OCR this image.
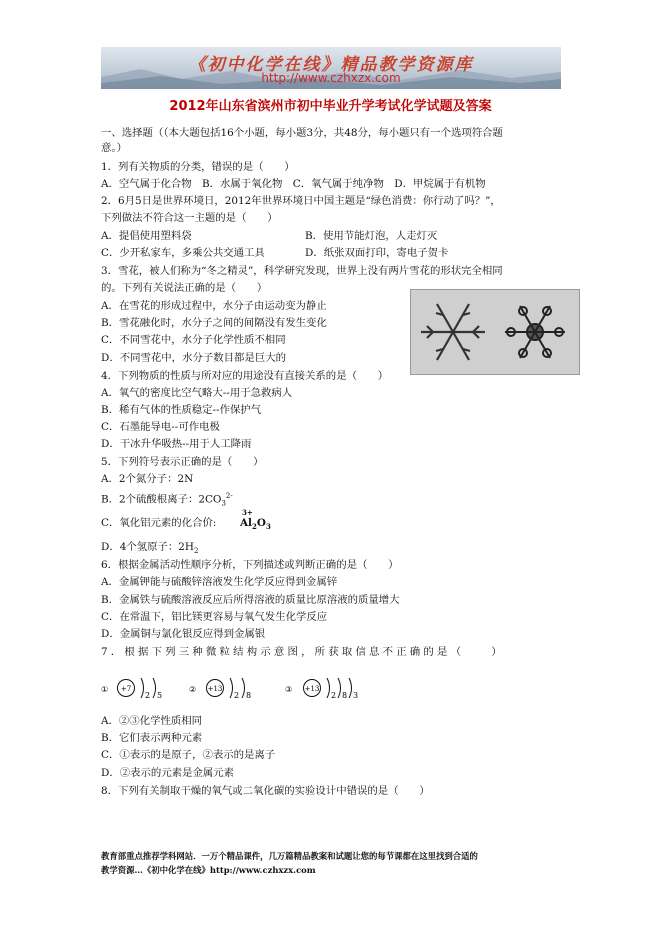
《初中化学在线》精品教学资源库
http://www.czhxzx.com
2012年山东省滨州市初中毕业升学考试化学试题及答案
一、选择题（（本大题包括16个小题，每小题3分，共48分，每小题只有一个选项符合题
意。）
1．列有关物质的分类，错误的是（　　）
A．空气属于化合物　B．水属于氧化物　C．氧气属于纯净物　D．甲烷属于有机物
2．6月5日是世界环境日，2012年世界环境日中国主题是“绿色消费：你行动了吗？”，
下列做法不符合这一主题的是（　　）
A．提倡使用塑料袋	B．使用节能灯泡，人走灯灭
C．少开私家车，多乘公共交通工具	D．纸张双面打印，寄电子贺卡
3．雪花，被人们称为“冬之精灵”，科学研究发现，世界上没有两片雪花的形状完全相同
的。下列有关说法正确的是（　　）
A．在雪花的形成过程中，水分子由运动变为静止
B．雪花融化时，水分子之间的间隔没有发生变化
C．不同雪花中，水分子化学性质不相同
D．不同雪花中，水分子数目都是巨大的
4．下列物质的性质与所对应的用途没有直接关系的是（　　）
A．氧气的密度比空气略大--用于急救病人
B．稀有气体的性质稳定--作保护气
C．石墨能导电--可作电极
D．干冰升华吸热--用于人工降雨
5．下列符号表示正确的是（　　）
A．2个氮分子：2N
B．2个硫酸根离子：$2CO_3^{2-}$
C．氧化铝元素的化合价:
3+
$Al_2O_3$
D．4个氢原子：$2H_2$
6．根据金属活动性顺序分析，下列描述或判断正确的是（　　）
A．金属钾能与硫酸锌溶液发生化学反应得到金属锌
B．金属铁与硫酸溶液反应后所得溶液的质量比原溶液的质量增大
C．在常温下，铝比镁更容易与氧气发生化学反应
D．金属铜与氯化银反应得到金属银
7．根据下列三种微粒结构示意图，所获取信息不正确的是（　　）
① +7
2 5
② +13
2 8
③ +13
2 8 3
A．②③化学性质相同
B．它们表示两种元素
C．①表示的是原子，②表示的是离子
D．②表示的元素是金属元素
8．下列有关制取干燥的氧气或二氧化碳的实验设计中错误的是（　　）
教育部重点推荐学科网站．一万个精品课件，几万篇精品教案和试题让您的每节课都在这里找到合适的
教学资源…《初中化学在线》http://www.czhxzx.com
